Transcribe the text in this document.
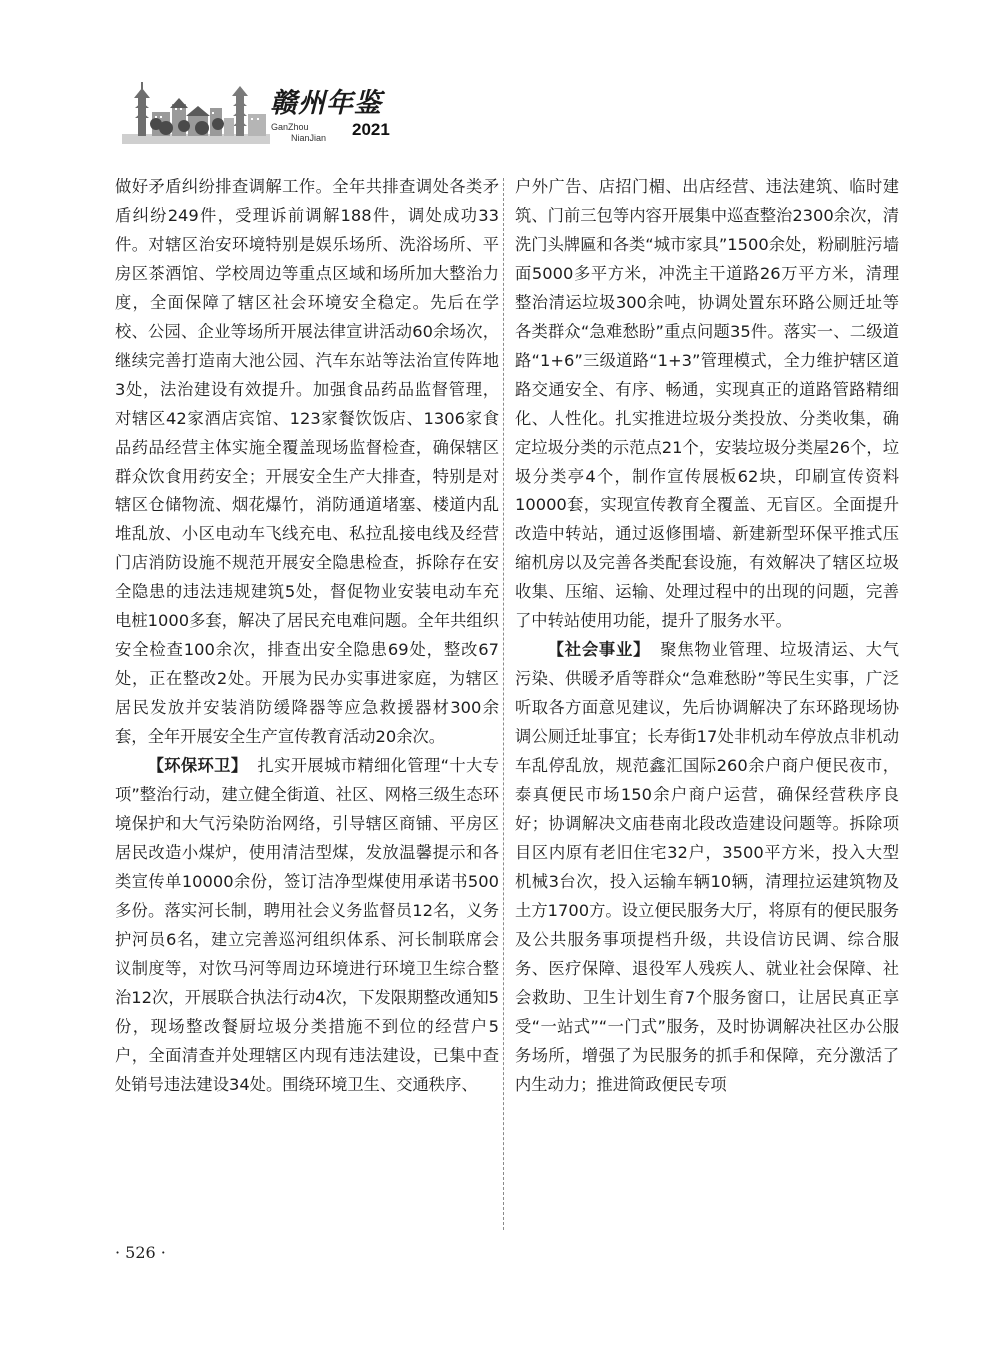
赣州年鉴
GanZhou
NianJian 2021

做好矛盾纠纷排查调解工作。全年共排查调处各类矛盾纠纷249件，受理诉前调解188件，调处成功33件。对辖区治安环境特别是娱乐场所、洗浴场所、平房区茶酒馆、学校周边等重点区域和场所加大整治力度，全面保障了辖区社会环境安全稳定。先后在学校、公园、企业等场所开展法律宣讲活动60余场次，继续完善打造南大池公园、汽车东站等法治宣传阵地3处，法治建设有效提升。加强食品药品监督管理，对辖区42家酒店宾馆、123家餐饮饭店、1306家食品药品经营主体实施全覆盖现场监督检查，确保辖区群众饮食用药安全；开展安全生产大排查，特别是对辖区仓储物流、烟花爆竹，消防通道堵塞、楼道内乱堆乱放、小区电动车飞线充电、私拉乱接电线及经营门店消防设施不规范开展安全隐患检查，拆除存在安全隐患的违法违规建筑5处，督促物业安装电动车充电桩1000多套，解决了居民充电难问题。全年共组织安全检查100余次，排查出安全隐患69处，整改67处，正在整改2处。开展为民办实事进家庭，为辖区居民发放并安装消防缓降器等应急救援器材300余套，全年开展安全生产宣传教育活动20余次。

【环保环卫】 扎实开展城市精细化管理“十大专项”整治行动，建立健全街道、社区、网格三级生态环境保护和大气污染防治网络，引导辖区商铺、平房区居民改造小煤炉，使用清洁型煤，发放温馨提示和各类宣传单10000余份，签订洁净型煤使用承诺书500多份。落实河长制，聘用社会义务监督员12名，义务护河员6名，建立完善巡河组织体系、河长制联席会议制度等，对饮马河等周边环境进行环境卫生综合整治12次，开展联合执法行动4次，下发限期整改通知5份，现场整改餐厨垃圾分类措施不到位的经营户5户，全面清查并处理辖区内现有违法建设，已集中查处销号违法建设34处。围绕环境卫生、交通秩序、

户外广告、店招门楣、出店经营、违法建筑、临时建筑、门前三包等内容开展集中巡查整治2300余次，清洗门头牌匾和各类“城市家具”1500余处，粉刷脏污墙面5000多平方米，冲洗主干道路26万平方米，清理整治清运垃圾300余吨，协调处置东环路公厕迁址等各类群众“急难愁盼”重点问题35件。落实一、二级道路“1+6”三级道路“1+3”管理模式，全力维护辖区道路交通安全、有序、畅通，实现真正的道路管路精细化、人性化。扎实推进垃圾分类投放、分类收集，确定垃圾分类的示范点21个，安装垃圾分类屋26个，垃圾分类亭4个，制作宣传展板62块，印刷宣传资料10000套，实现宣传教育全覆盖、无盲区。全面提升改造中转站，通过返修围墙、新建新型环保平推式压缩机房以及完善各类配套设施，有效解决了辖区垃圾收集、压缩、运输、处理过程中的出现的问题，完善了中转站使用功能，提升了服务水平。

【社会事业】 聚焦物业管理、垃圾清运、大气污染、供暖矛盾等群众“急难愁盼”等民生实事，广泛听取各方面意见建议，先后协调解决了东环路现场协调公厕迁址事宜；长寿街17处非机动车停放点非机动车乱停乱放，规范鑫汇国际260余户商户便民夜市，泰真便民市场150余户商户运营，确保经营秩序良好；协调解决文庙巷南北段改造建设问题等。拆除项目区内原有老旧住宅32户，3500平方米，投入大型机械3台次，投入运输车辆10辆，清理拉运建筑物及土方1700方。设立便民服务大厅，将原有的便民服务及公共服务事项提档升级，共设信访民调、综合服务、医疗保障、退役军人残疾人、就业社会保障、社会救助、卫生计划生育7个服务窗口，让居民真正享受“一站式”“一门式”服务，及时协调解决社区办公服务场所，增强了为民服务的抓手和保障，充分激活了内生动力；推进简政便民专项

· 526 ·
